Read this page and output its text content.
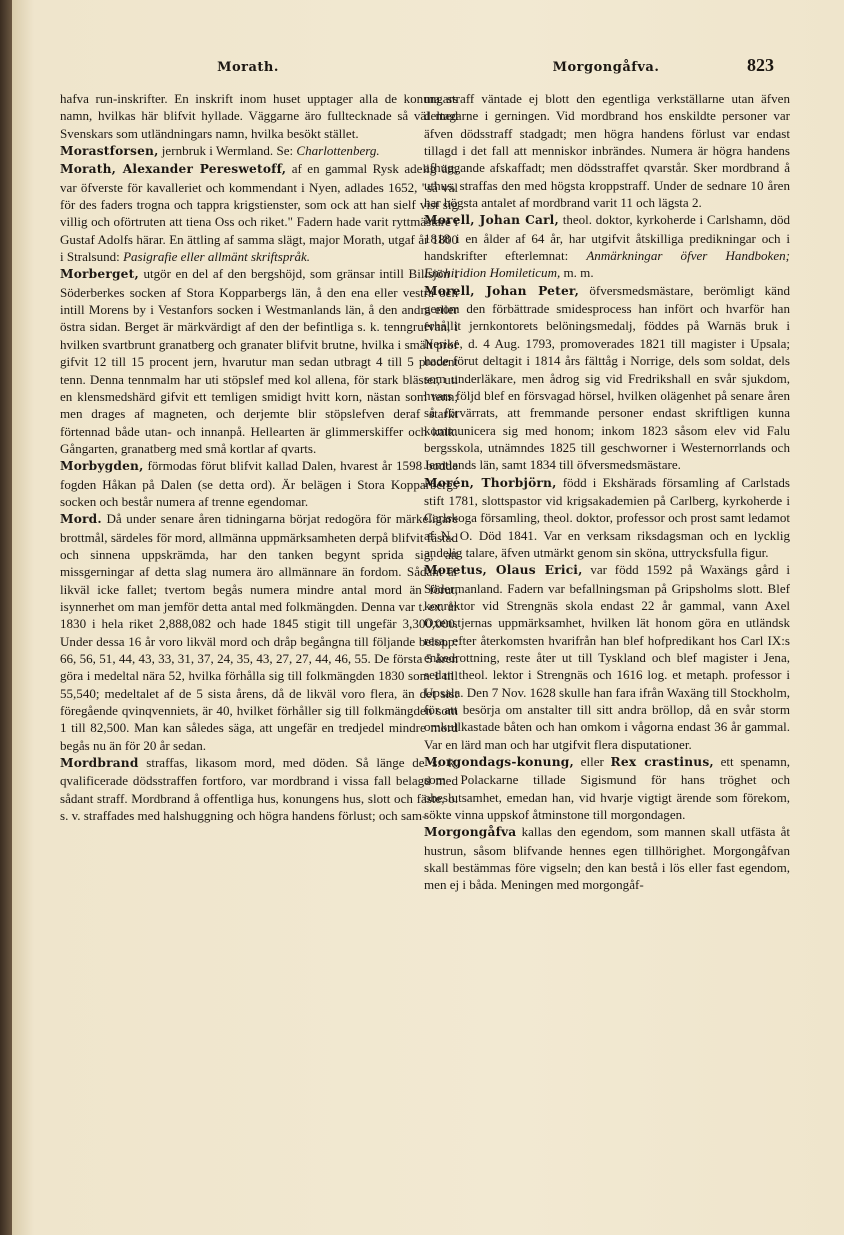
Morath.	Morgongåfva.	823

hafva run-inskrifter. En inskrift inom huset upptager alla de konungars namn, hvilkas här blifvit hyllade. Väggarne äro fulltecknade så väl med Svenskars som utländningars namn, hvilka besökt stället.

Morastforsen, jernbruk i Wermland. Se: Charlottenberg.

Morath, Alexander Pereswetoff, af en gammal Rysk adelig ätt, var öfverste för kavalleriet och kommendant i Nyen, adlades 1652, "så väl för des faders trogna och tappra krigstienster, som ock att han sielf vist sig villig och oförtruten att tiena Oss och riket." Fadern hade varit ryttmästare i Gustaf Adolfs härar. En ättling af samma slägt, major Morath, utgaf år 1800 i Stralsund: Pasigrafie eller allmänt skriftspråk.

Morberget, utgör en del af den bergshöjd, som gränsar intill Billsjön i Söderberkes socken af Stora Kopparbergs län, å den ena eller vestra och intill Morens by i Vestanfors socken i Westmanlands län, å den andra eller östra sidan. Berget är märkvärdigt af den der befintliga s. k. tenngrufvan, i hvilken svartbrunt granatberg och granater blifvit brutne, hvilka i smält prof gifvit 12 till 15 procent jern, hvarutur man sedan utbragt 4 till 5 procent tenn. Denna tennmalm har uti stöpslef med kol allena, för stark bläster, uti en klensmedshärd gifvit ett temligen smidigt hvitt korn, nästan som tenn; men drages af magneten, och derjemte blir stöpslefven deraf starkt förtennad både utan- och innanpå. Hellearten är glimmerskiffer och kalk. Gångarten, granatberg med små kortlar af qvarts.

Morbygden, förmodas förut blifvit kallad Dalen, hvarest år 1598 bodde fogden Håkan på Dalen (se detta ord). Är belägen i Stora Kopparbergs socken och består numera af trenne egendomar.

Mord. Då under senare åren tidningarna börjat redogöra för märkeligare brottmål, särdeles för mord, allmänna uppmärksamheten derpå blifvit fästad och sinnena uppskrämda, har den tanken begynt sprida sig, att missgerningar af detta slag numera äro allmännare än fordom. Sådant är likväl icke fallet; tvertom begås numera mindre antal mord än förut, isynnerhet om man jemför detta antal med folkmängden. Denna var t. ex. år 1830 i hela riket 2,888,082 och hade 1845 stigit till ungefär 3,300,000. Under dessa 16 år voro likväl mord och dråp begångna till följande belopp: 66, 56, 51, 44, 43, 33, 31, 37, 24, 35, 43, 27, 27, 44, 46, 55. De första 5 åren göra i medeltal nära 52, hvilka förhålla sig till folkmängden 1830 som 1 till 55,540; medeltalet af de 5 sista årens, då de likväl voro flera, än det sist föregående qvinqvenniets, är 40, hvilket förhåller sig till folkmängden som 1 till 82,500. Man kan således säga, att ungefär en tredjedel mindre mord begås nu än för 20 år sedan.

Mordbrand straffas, likasom mord, med döden. Så länge de s. k. qvalificerade dödsstraffen fortforo, var mordbrand i vissa fall belagd med sådant straff. Mordbrand å offentliga hus, konungens hus, slott och fäste, o. s. v. straffades med halshuggning och högra handens förlust; och sam-

ma straff väntade ej blott den egentliga verkställarne utan äfven deltagarne i gerningen. Vid mordbrand hos enskildte personer var äfven dödsstraff stadgadt; men högra handens förlust var endast tillagd i det fall att menniskor inbrändes. Numera är högra handens afhuggande afskaffadt; men dödsstraffet qvarstår. Sker mordbrand å uthus, straffas den med högsta kroppstraff. Under de sednare 10 åren har högsta antalet af mordbrand varit 11 och lägsta 2.

Morell, Johan Carl, theol. doktor, kyrkoherde i Carlshamn, död 1818 i en ålder af 64 år, har utgifvit åtskilliga predikningar och i handskrifter efterlemnat: Anmärkningar öfver Handboken; Enchiridion Homileticum, m. m.

Morell, Johan Peter, öfversmedsmästare, berömligt känd genom den förbättrade smidesprocess han infört och hvarför han erhållit jernkontorets belöningsmedalj, föddes på Warnäs bruk i Nerike, d. 4 Aug. 1793, promoverades 1821 till magister i Upsala; hade förut deltagit i 1814 års fälttåg i Norrige, dels som soldat, dels som underläkare, men ådrog sig vid Fredrikshall en svår sjukdom, hvars följd blef en försvagad hörsel, hvilken olägenhet på senare åren så förvärrats, att fremmande personer endast skriftligen kunna kommunicera sig med honom; inkom 1823 såsom elev vid Falu bergsskola, utnämndes 1825 till geschworner i Westernorrlands och Jemtlands län, samt 1834 till öfversmedsmästare.

Morén, Thorbjörn, född i Ekshärads församling af Carlstads stift 1781, slottspastor vid krigsakademien på Carlberg, kyrkoherde i Carlskoga församling, theol. doktor, professor och prost samt ledamot af N. O. Död 1841. Var en verksam riksdagsman och en lycklig andelig talare, äfven utmärkt genom sin sköna, uttrycksfulla figur.

Moretus, Olaus Erici, var född 1592 på Waxängs gård i Södermanland. Fadern var befallningsman på Gripsholms slott. Blef konrektor vid Strengnäs skola endast 22 år gammal, vann Axel Oxenstjernas uppmärksamhet, hvilken lät honom göra en utländsk resa, efter återkomsten hvarifrån han blef hofpredikant hos Carl IX:s enkedrottning, reste åter ut till Tyskland och blef magister i Jena, sedan theol. lektor i Strengnäs och 1616 log. et metaph. professor i Upsala. Den 7 Nov. 1628 skulle han fara ifrån Waxäng till Stockholm, för att besörja om anstalter till sitt andra bröllop, då en svår storm omkullkastade båten och han omkom i vågorna endast 36 år gammal. Var en lärd man och har utgifvit flera disputationer.

Morgondags-konung, eller Rex crastinus, ett spenamn, som Polackarne tillade Sigismund för hans tröghet och obeslutsamhet, emedan han, vid hvarje vigtigt ärende som förekom, sökte vinna uppskof åtminstone till morgondagen.

Morgongåfva kallas den egendom, som mannen skall utfästa åt hustrun, såsom blifvande hennes egen tillhörighet. Morgongåfvan skall bestämmas före vigseln; den kan bestå i lös eller fast egendom, men ej i båda. Meningen med morgongåf-
